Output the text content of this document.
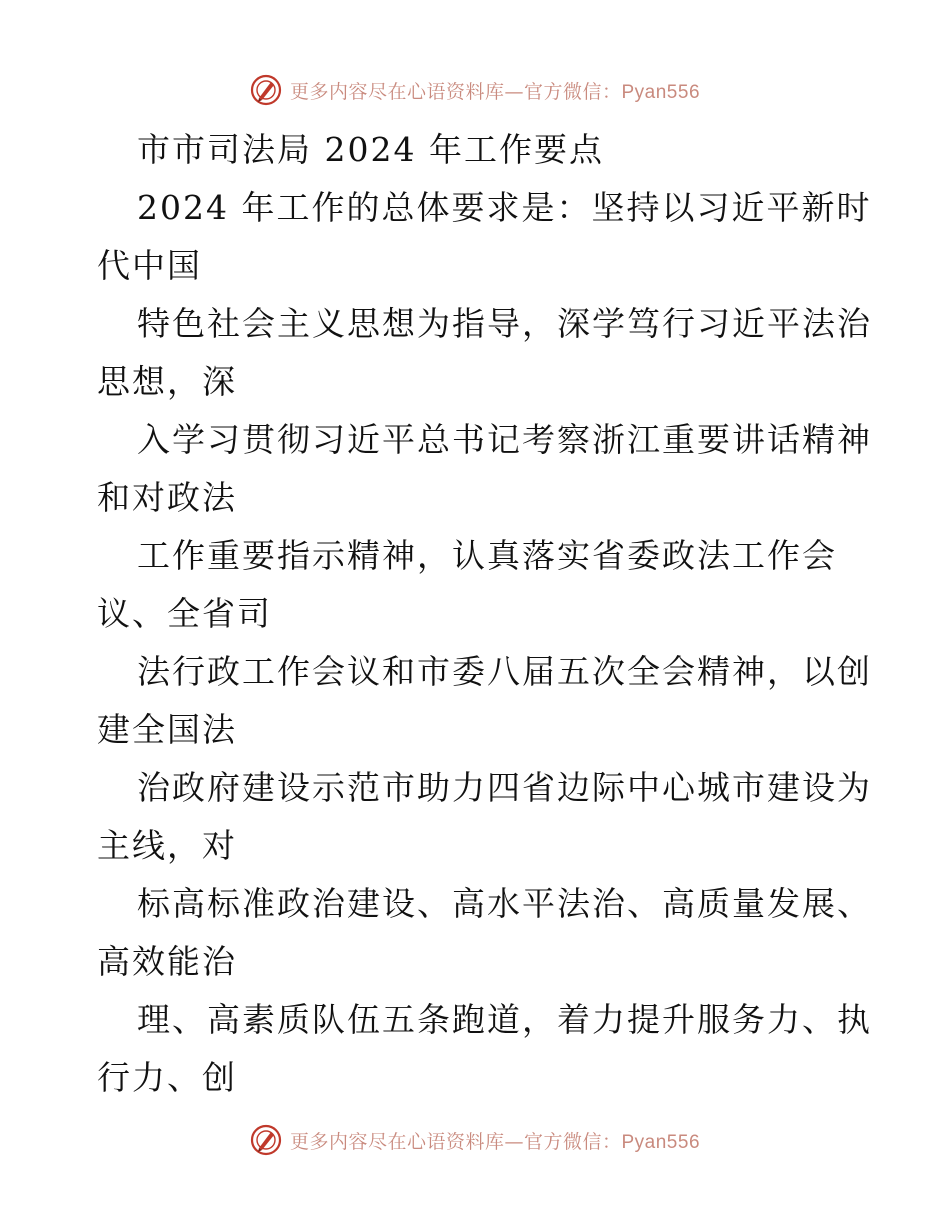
更多内容尽在心语资料库—官方微信：Pyan556
市市司法局 2024 年工作要点
2024 年工作的总体要求是：坚持以习近平新时
代中国
特色社会主义思想为指导，深学笃行习近平法治
思想，深
入学习贯彻习近平总书记考察浙江重要讲话精神
和对政法
工作重要指示精神，认真落实省委政法工作会
议、全省司
法行政工作会议和市委八届五次全会精神，以创
建全国法
治政府建设示范市助力四省边际中心城市建设为
主线，对
标高标准政治建设、高水平法治、高质量发展、
高效能治
理、高素质队伍五条跑道，着力提升服务力、执
行力、创
更多内容尽在心语资料库—官方微信：Pyan556
